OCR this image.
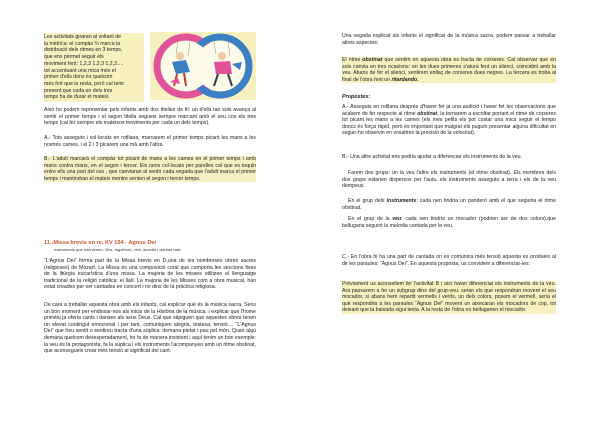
Les activitats giraran al voltant de

la mètrica: el compàs ¾ marca la

distribució dels ritmes en 3 temps,

que ens permet seguir els

moviment fent: 1,2,3 1,2,3 1,2,3….

tot accentuant una mica més el

primer d'ells dons és quelcom

més fort que la resta, però cal tenir

present que cada un dels tres

temps ha de durar el mateix.

Això ho podem representar pels infants amb dos titelles de fil: un d'ells tan sols avança al sentir el primer temps i el segon titella segueix sempre marcant amb el seu cos els tres temps (cal fer sempre els mateixos moviments per cada un dels temps).

A.- Tots asseguts i col·locats en rotllana, marcarem el primer temps picant les mans a les nostres cames, i el 2 i 3 picarem una mà amb l'altra.

B.- L'adult marcarà el compàs tot picant de mans a les cames en el primer temps i amb mans contra mans, en el segon i tercer. Els nens col·locats per parelles cal que es toquin entre ells una part del cos , que canviaran al sentir cada vegada que l'adult marca el primer temps i mantindran el mateix mentre senten el segon i tercer temps.

11.-Missa brevis en re, KV 194 - Agnus Dei

Instruments que intervenen: Vins, fagothorn, violí, acordió i clarinet baix

“L'Agnus Dei” forma part de la Missa brevis en D,una de les nombroses obres sacres (religioses) de Mozart. La Missa és una composició coral que comporta les seccions fixes de la litúrgia eucarística d'una missa. La majoria de les misses utilitzen el llenguatge tradicional de la religió catòlica: el llatí. La majoria de les Misses com a obra musical, han estat creades per ser cantades en concert i no dins de la pràctica religiosa.

De cara a treballar aquesta obra amb els infants, cal explicar què és la música sacra. Sens un bon moment per endinsar-nos als inicis de la Història de la música, i explicar que l'home primitiu ja oferia cants i danses als seus Deus. Cal que sàpiguen que aquestes obres tenen un elevat contingut emocional i per tant, comuniquen alegria, tristesa, tensió.... “L'Agnus Dei” que heu sentit o sentireu tracta d'una súplica: demana pietat i pau pel món. Quan algú demana quelcom desesperadament, ho fa de manera insistent i aquí tenim un bon exemple: la veu és la protagonista, fa la súplica i els instruments l'acompanyen amb un ritme obstinat, que aconsegueix crear més tensió al significat del cant.

Una vegada explicat als infants el significat de la música sacra, podem passar a treballar altres aspectes:

El ritme obstinat que sentim en aquesta obra es tracta de corxeres. Cal observar que en sols canvia en tres ocasions: en les dues primeres s'atura fent un silenci, coincidint amb la veu. Abans de fer el silenci, sentirem enllaç de corxeres dues negres. La tercera es troba al final de l'obra fent un ritardando.

Propostes:

A.- Asseguts en rotllana després d'haver fet ja una audició i haver fet les observacions que acabem de fer respecte al ritme obstinat, la tornarem a escoltar portant el ritme de corxeres tot picant les mans a les cames (els més petits els pot costar una mica seguir el tempo doncs és força ràpid, però és important que malgrat els puguin presentar alguna dificultat en seguir-ho observin en vosaltres la precisió de la velocitat).

B.- Una altre activitat ens podria ajudar a diferenciar els instruments de la veu.

Farem dos grups: un la veu l'altre els instruments (el ritme obstinat). Els membres dels dos grups estarien dispersos per l'aula, els instruments asseguts a terra i els de la veu dempeus.

En el grup dels instruments: cada nen tindria un panderó amb el que seguiria el ritme obstinat.

En el grup de la veu: cada nen tindria un mocador (podrien ser de dos colors),que bellugaria seguint la melodia cantada per la veu.

C.- En l'obra hi ha una part de cantada on es comunica més tensió aquesta es produeix al dir les paraules: “Agnus Dei”. En aquesta proposta, us convidem a diferenciar-les:

Prèviament us aconsellem fer l'activitat B i així haver diferenciat els instruments de la veu. Ara passarem a fer un subgrup dins del grup-veu: seran els que respondran movent el seu mocador, si abans hem repartit vermells i verds, un dels colors, posem el vermell, seria el què respondria a les paraules “Agnus Dei” movent un aixecaran els mocadors de cop, tot deixant que la baixada sigui lenta. A la resta de l'obra no bellugarien el mocador.
